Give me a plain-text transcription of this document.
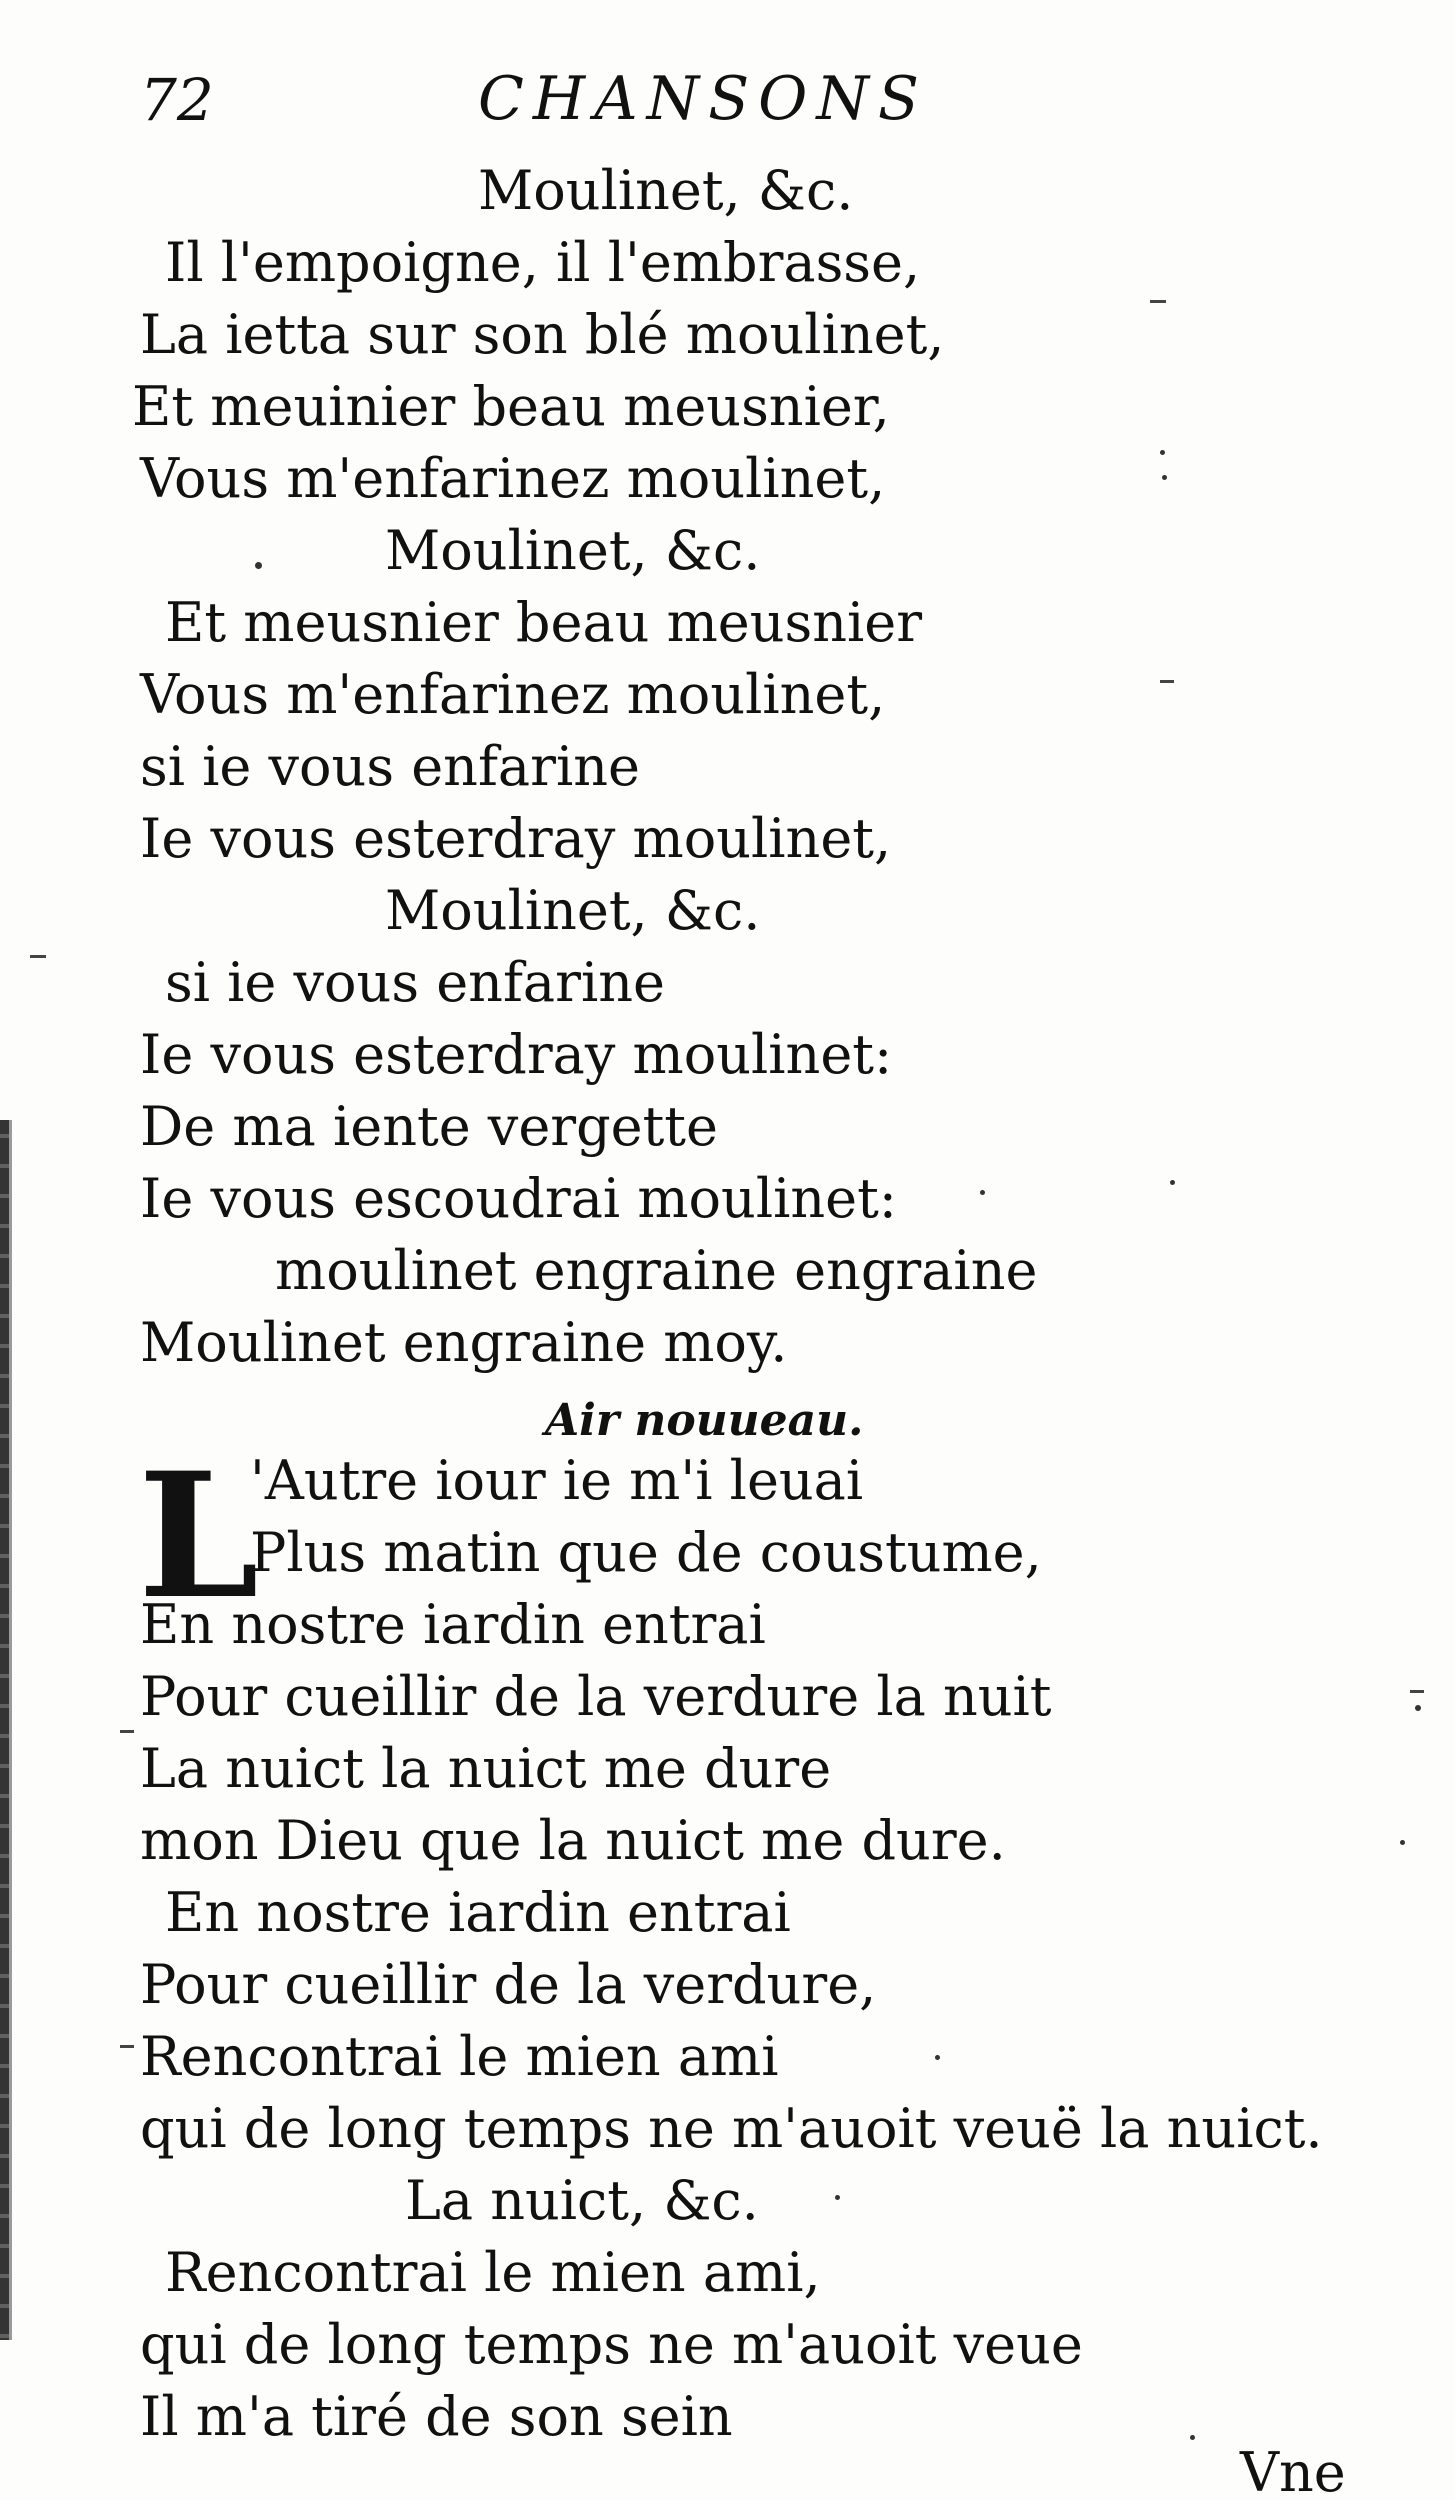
72	CHANSONS
Moulinet, &c.
Il l'empoigne, il l'embrasse,
La ietta sur son blé moulinet,
Et meuinier beau meusnier,
Vous m'enfarinez moulinet,
Moulinet, &c.
Et meusnier beau meusnier
Vous m'enfarinez moulinet,
si ie vous enfarine
Ie vous esterdray moulinet,
Moulinet, &c.
si ie vous enfarine
Ie vous esterdray moulinet:
De ma iente vergette
Ie vous escoudrai moulinet:
moulinet engraine engraine
Moulinet engraine moy.
Air nouueau.
L
'Autre iour ie m'i leuai
Plus matin que de coustume,
En nostre iardin entrai
Pour cueillir de la verdure la nuit
La nuict la nuict me dure
mon Dieu que la nuict me dure.
En nostre iardin entrai
Pour cueillir de la verdure,
Rencontrai le mien ami
qui de long temps ne m'auoit veuë la nuict.
La nuict, &c.
Rencontrai le mien ami,
qui de long temps ne m'auoit veue
Il m'a tiré de son sein
Vne
